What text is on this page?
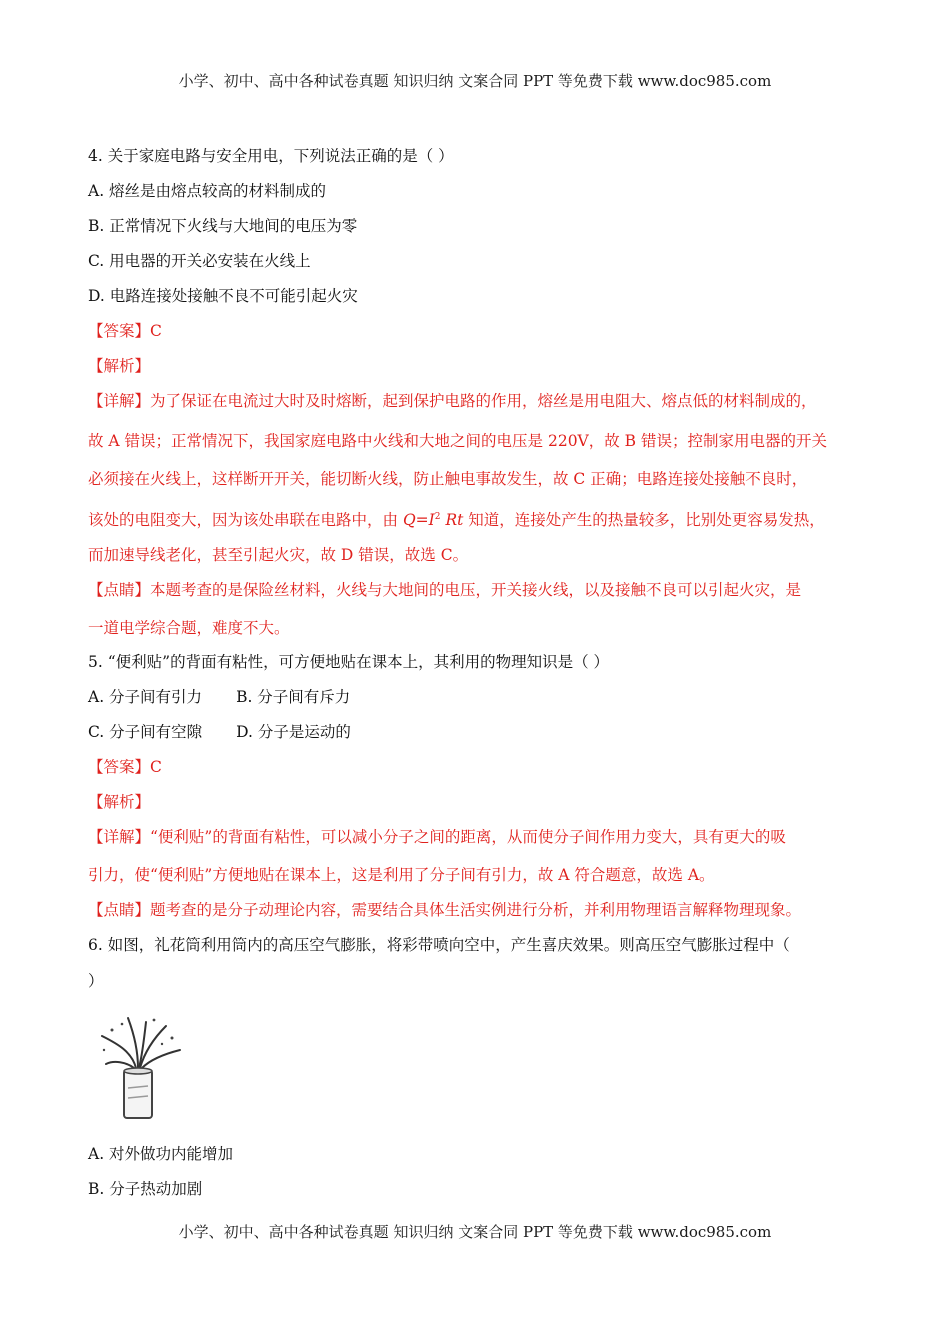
小学、初中、高中各种试卷真题 知识归纳 文案合同 PPT 等免费下载 www.doc985.com
4. 关于家庭电路与安全用电，下列说法正确的是（ ）
A. 熔丝是由熔点较高的材料制成的
B. 正常情况下火线与大地间的电压为零
C. 用电器的开关必安装在火线上
D. 电路连接处接触不良不可能引起火灾
【答案】C
【解析】
【详解】为了保证在电流过大时及时熔断，起到保护电路的作用，熔丝是用电阻大、熔点低的材料制成的，
故 A 错误；正常情况下，我国家庭电路中火线和大地之间的电压是 220V，故 B 错误；控制家用电器的开关
必须接在火线上，这样断开开关，能切断火线，防止触电事故发生，故 C 正确；电路连接处接触不良时，
该处的电阻变大，因为该处串联在电路中，由 $Q=I^2$ Rt 知道，连接处产生的热量较多，比别处更容易发热，
而加速导线老化，甚至引起火灾，故 D 错误，故选 C。
【点睛】本题考查的是保险丝材料，火线与大地间的电压，开关接火线，以及接触不良可以引起火灾，是
一道电学综合题，难度不大。
5. “便利贴”的背面有粘性，可方便地贴在课本上，其利用的物理知识是（ ）
A. 分子间有引力 B. 分子间有斥力
C. 分子间有空隙 D. 分子是运动的
【答案】C
【解析】
【详解】“便利贴”的背面有粘性，可以减小分子之间的距离，从而使分子间作用力变大，具有更大的吸
引力，使“便利贴”方便地贴在课本上，这是利用了分子间有引力，故 A 符合题意，故选 A。
【点睛】题考查的是分子动理论内容，需要结合具体生活实例进行分析，并利用物理语言解释物理现象。
6. 如图，礼花筒利用筒内的高压空气膨胀，将彩带喷向空中，产生喜庆效果。则高压空气膨胀过程中（
）
A. 对外做功内能增加
B. 分子热动加剧
小学、初中、高中各种试卷真题 知识归纳 文案合同 PPT 等免费下载 www.doc985.com
